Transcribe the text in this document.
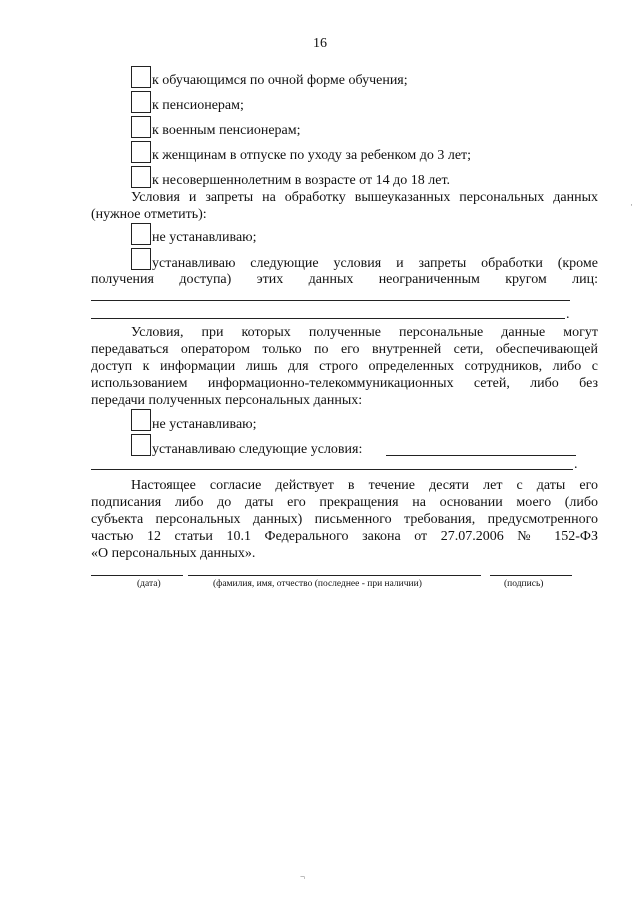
16
к обучающимся по очной форме обучения;
к пенсионерам;
к военным пенсионерам;
к женщинам в отпуске по уходу за ребенком до 3 лет;
к несовершеннолетним в возрасте от 14 до 18 лет.
Условия и запреты на обработку вышеуказанных персональных данных
(нужное отметить):
не устанавливаю;
устанавливаю следующие условия и запреты обработки (кроме
получения доступа) этих данных неограниченным кругом лиц:
.
Условия, при которых полученные персональные данные могут
передаваться оператором только по его внутренней сети, обеспечивающей
доступ к информации лишь для строго определенных сотрудников, либо с
использованием информационно-телекоммуникационных сетей, либо без
передачи полученных персональных данных:
не устанавливаю;
устанавливаю следующие условия:
.
Настоящее согласие действует в течение десяти лет с даты его
подписания либо до даты его прекращения на основании моего (либо
субъекта персональных данных) письменного требования, предусмотренного
частью 12 статьи 10.1 Федерального закона от 27.07.2006 № 152-ФЗ
«О персональных данных».
(дата)	(фамилия, имя, отчество (последнее - при наличии)	(подпись)
·
¬
